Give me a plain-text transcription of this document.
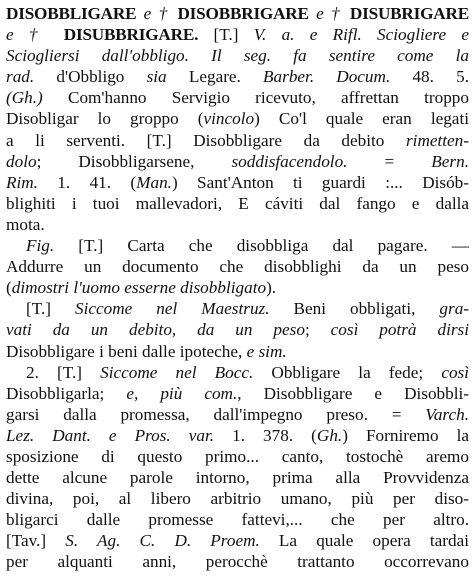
DISOBBLIGARE e † DISOBBRIGARE e † DISUBRIGARE
e † DISUBBRIGARE. [T.] V. a. e Rifl. Sciogliere e
Sciogliersi dall'obbligo. Il seg. fa sentire come la
rad. d'Obbligo sia Legare. Barber. Docum. 48. 5.
(Gh.) Com'hanno Servigio ricevuto, affrettan troppo
Disobligar lo groppo (vincolo) Co'l quale eran legati
a li serventi. [T.] Disobbligare da debito rimetten-
dolo; Disobbligarsene, soddisfacendolo. = Bern.
Rim. 1. 41. (Man.) Sant'Anton ti guardi :... Disób-
blighiti i tuoi mallevadori, E cáviti dal fango e dalla
mota.
Fig. [T.] Carta che disobbliga dal pagare. —
Addurre un documento che disobblighi da un peso
(dimostri l'uomo esserne disobbligato).
[T.] Siccome nel Maestruz. Beni obbligati, gra-
vati da un debito, da un peso; così potrà dirsi
Disobbligare i beni dalle ipoteche, e sim.
2. [T.] Siccome nel Bocc. Obbligare la fede; così
Disobbligarla; e, più com., Disobbligare e Disobbli-
garsi dalla promessa, dall'impegno preso. = Varch.
Lez. Dant. e Pros. var. 1. 378. (Gh.) Forniremo la
sposizione di questo primo... canto, tostochè aremo
dette alcune parole intorno, prima alla Provvidenza
divina, poi, al libero arbitrio umano, più per diso-
bligarci dalle promesse fattevi,... che per altro.
[Tav.] S. Ag. C. D. Proem. La quale opera tardai
per alquanti anni, perocchè trattanto occorrevano
